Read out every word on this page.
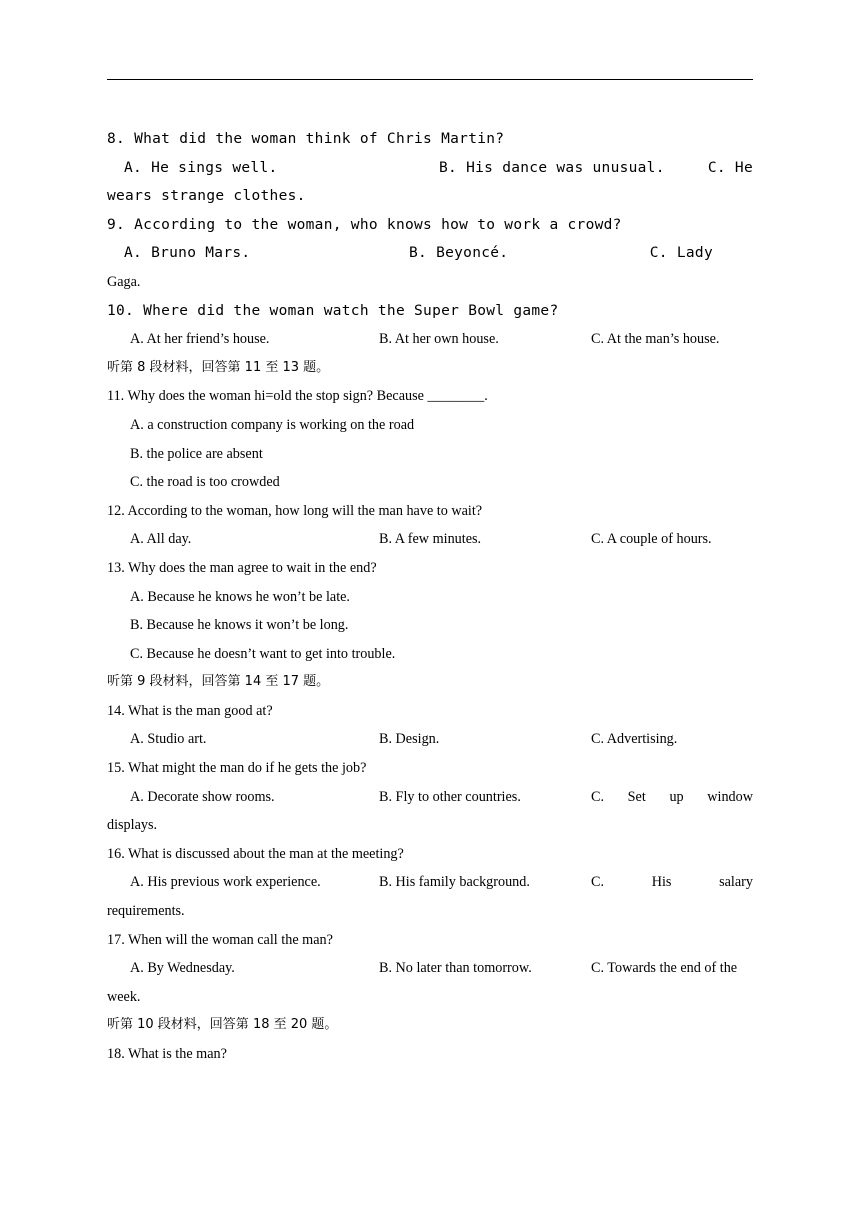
8. What did the woman think of Chris Martin?
A. He sings well.	B. His dance was unusual.	C. He
wears strange clothes.
9. According to the woman, who knows how to work a crowd?
A. Bruno Mars.	B. Beyoncé.	C. Lady
Gaga.
10. Where did the woman watch the Super Bowl game?
A. At her friend’s house.	B. At her own house.	C. At the man’s house.
听第 8 段材料，回答第 11 至 13 题。
11. Why does the woman hi=old the stop sign? Because ________.
A. a construction company is working on the road
B. the police are absent
C. the road is too crowded
12. According to the woman, how long will the man have to wait?
A. All day.	B. A few minutes.	C. A couple of hours.
13. Why does the man agree to wait in the end?
A. Because he knows he won’t be late.
B. Because he knows it won’t be long.
C. Because he doesn’t want to get into trouble.
听第 9 段材料，回答第 14 至 17 题。
14. What is the man good at?
A. Studio art.	B. Design.	C. Advertising.
15. What might the man do if he gets the job?
A. Decorate show rooms.	B. Fly to other countries.	C. Set up window
displays.
16. What is discussed about the man at the meeting?
A. His previous work experience.	B. His family background.	C.	His	salary
requirements.
17. When will the woman call the man?
A. By Wednesday.	B. No later than tomorrow.	C. Towards the end of the
week.
听第 10 段材料，回答第 18 至 20 题。
18. What is the man?
